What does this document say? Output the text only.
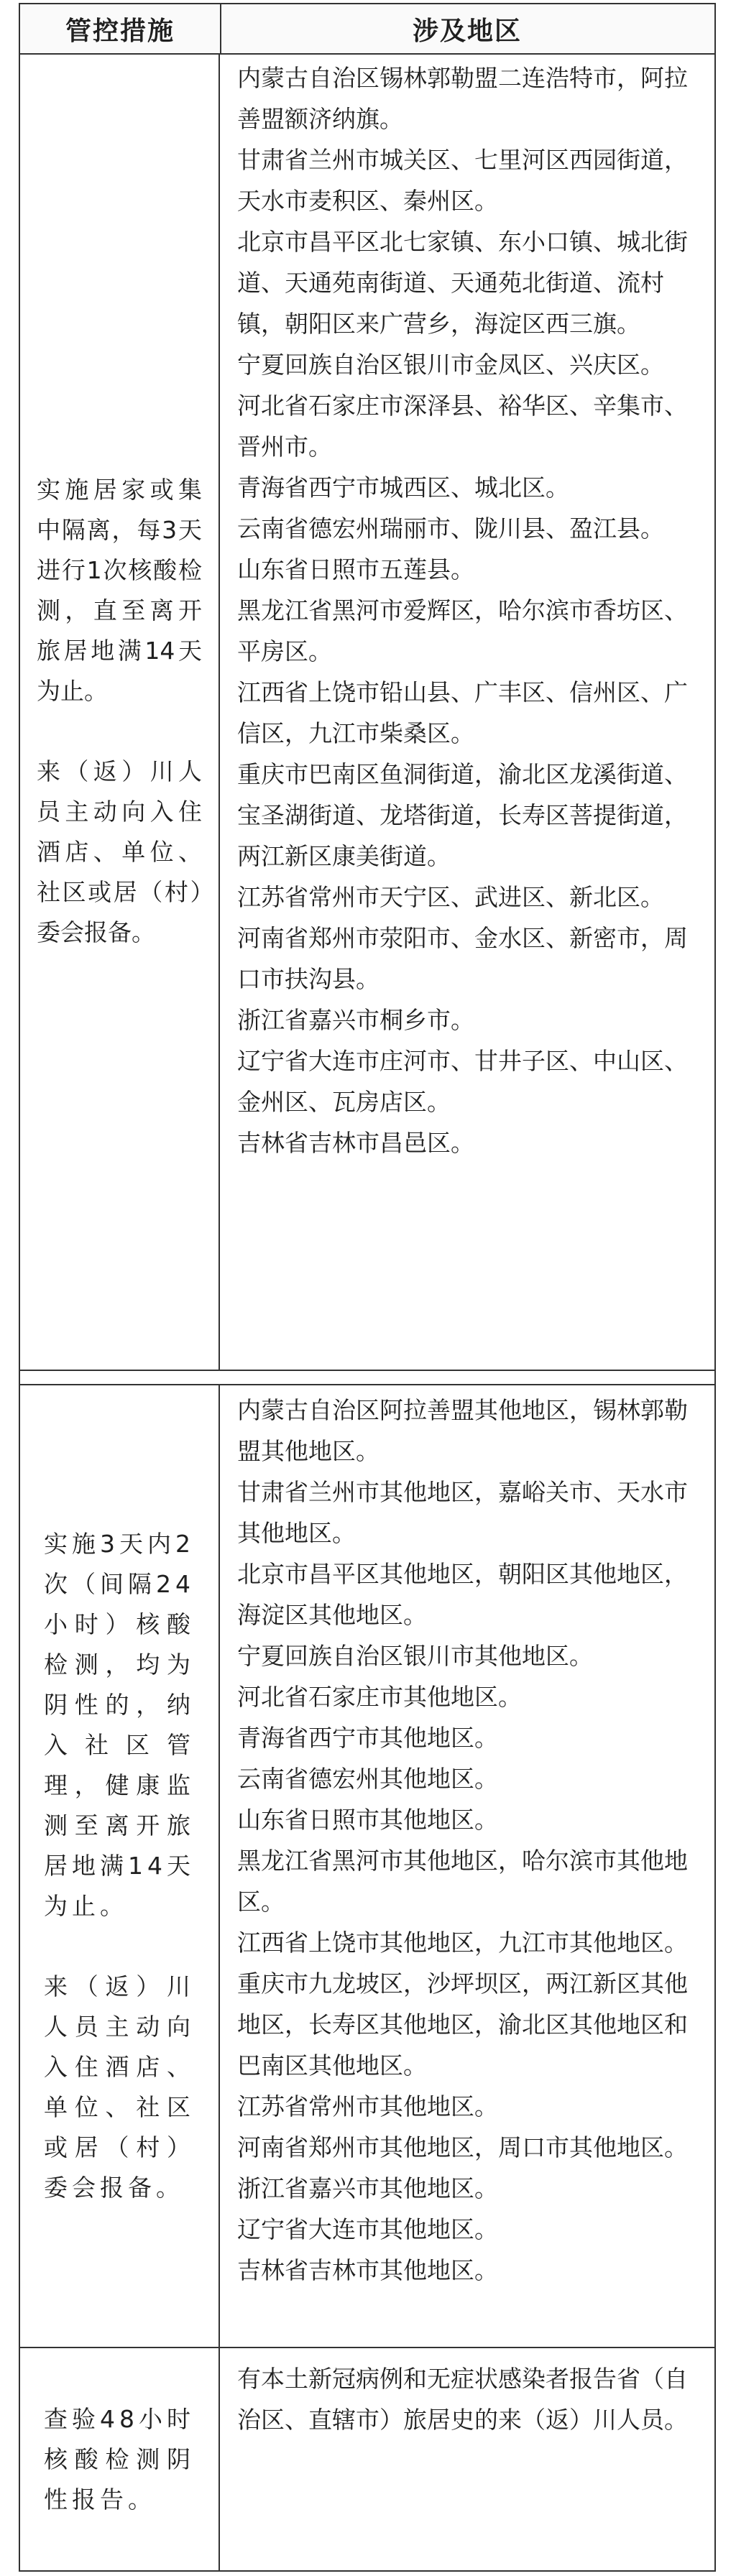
管控措施	涉及地区

实施居家或集中隔离，每3天进行1次核酸检测，直至离开旅居地满14天为止。

来（返）川人员主动向入住酒店、单位、社区或居（村）委会报备。

内蒙古自治区锡林郭勒盟二连浩特市，阿拉善盟额济纳旗。

甘肃省兰州市城关区、七里河区西园街道，天水市麦积区、秦州区。

北京市昌平区北七家镇、东小口镇、城北街道、天通苑南街道、天通苑北街道、流村镇，朝阳区来广营乡，海淀区西三旗。

宁夏回族自治区银川市金凤区、兴庆区。

河北省石家庄市深泽县、裕华区、辛集市、晋州市。

青海省西宁市城西区、城北区。

云南省德宏州瑞丽市、陇川县、盈江县。

山东省日照市五莲县。

黑龙江省黑河市爱辉区，哈尔滨市香坊区、平房区。

江西省上饶市铅山县、广丰区、信州区、广信区，九江市柴桑区。

重庆市巴南区鱼洞街道，渝北区龙溪街道、宝圣湖街道、龙塔街道，长寿区菩提街道，两江新区康美街道。

江苏省常州市天宁区、武进区、新北区。

河南省郑州市荥阳市、金水区、新密市，周口市扶沟县。

浙江省嘉兴市桐乡市。

辽宁省大连市庄河市、甘井子区、中山区、金州区、瓦房店区。

吉林省吉林市昌邑区。

实施3天内2次（间隔24小时）核酸检测，均为阴性的，纳入社区管理，健康监测至离开旅居地满14天为止。

来（返）川人员主动向入住酒店、单位、社区或居（村）委会报备。

内蒙古自治区阿拉善盟其他地区，锡林郭勒盟其他地区。

甘肃省兰州市其他地区，嘉峪关市、天水市其他地区。

北京市昌平区其他地区，朝阳区其他地区，海淀区其他地区。

宁夏回族自治区银川市其他地区。

河北省石家庄市其他地区。

青海省西宁市其他地区。

云南省德宏州其他地区。

山东省日照市其他地区。

黑龙江省黑河市其他地区，哈尔滨市其他地区。

江西省上饶市其他地区，九江市其他地区。

重庆市九龙坡区，沙坪坝区，两江新区其他地区，长寿区其他地区，渝北区其他地区和巴南区其他地区。

江苏省常州市其他地区。

河南省郑州市其他地区，周口市其他地区。

浙江省嘉兴市其他地区。

辽宁省大连市其他地区。

吉林省吉林市其他地区。

查验48小时核酸检测阴性报告。

有本土新冠病例和无症状感染者报告省（自治区、直辖市）旅居史的来（返）川人员。
